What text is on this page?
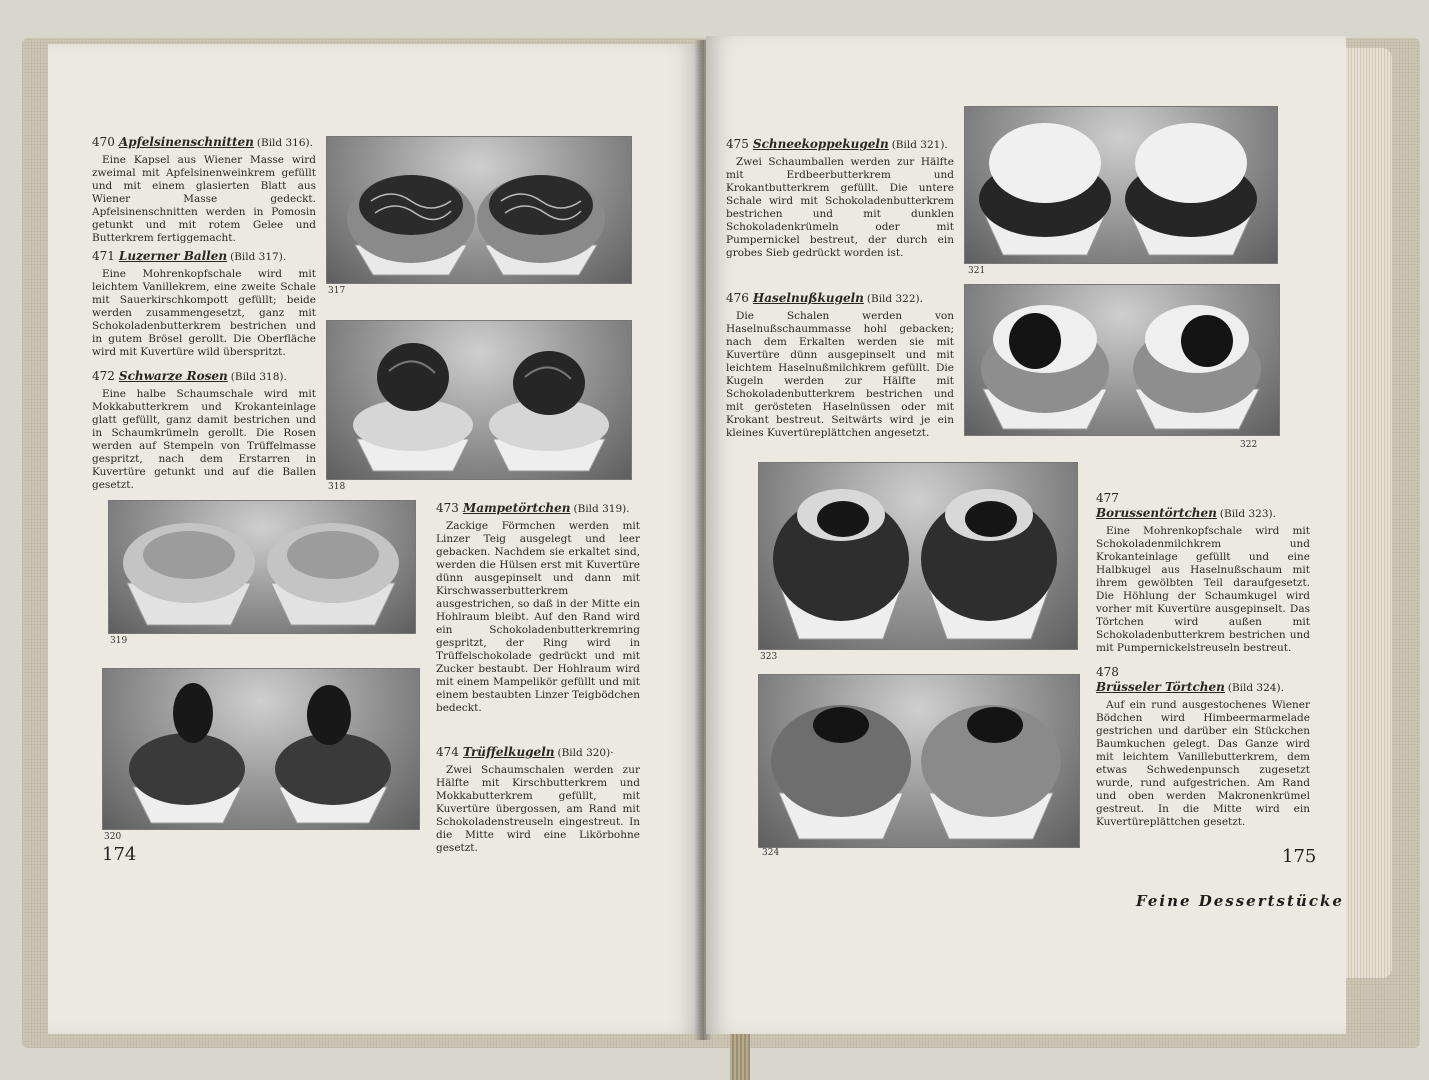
470 Apfelsinenschnitten (Bild 316).
Eine Kapsel aus Wiener Masse wird zweimal mit Apfelsinenweinkrem gefüllt und mit einem glasierten Blatt aus Wiener Masse gedeckt. Apfelsinenschnitten werden in Pomosin getunkt und mit rotem Gelee und Butterkrem fertiggemacht.
471 Luzerner Ballen (Bild 317).
Eine Mohrenkopfschale wird mit leichtem Vanillekrem, eine zweite Schale mit Sauerkirschkompott gefüllt; beide werden zusammengesetzt, ganz mit Schokoladenbutterkrem bestrichen und in gutem Brösel gerollt. Die Oberfläche wird mit Kuvertüre wild überspritzt.
472 Schwarze Rosen (Bild 318).
Eine halbe Schaumschale wird mit Mokkabutterkrem und Krokanteinlage glatt gefüllt, ganz damit bestrichen und in Schaumkrümeln gerollt. Die Rosen werden auf Stempeln von Trüffelmasse gespritzt, nach dem Erstarren in Kuvertüre getunkt und auf die Ballen gesetzt.
473 Mampetörtchen (Bild 319).
Zackige Förmchen werden mit Linzer Teig ausgelegt und leer gebacken. Nachdem sie erkaltet sind, werden die Hülsen erst mit Kuvertüre dünn ausgepinselt und dann mit Kirschwasserbutterkrem ausgestrichen, so daß in der Mitte ein Hohlraum bleibt. Auf den Rand wird ein Schokoladenbutterkremring gespritzt, der Ring wird in Trüffelschokolade gedrückt und mit Zucker bestaubt. Der Hohlraum wird mit einem Mampelikör gefüllt und mit einem bestaubten Linzer Teigbödchen bedeckt.
474 Trüffelkugeln (Bild 320)·
Zwei Schaumschalen werden zur Hälfte mit Kirschbutterkrem und Mokkabutterkrem gefüllt, mit Kuvertüre übergossen, am Rand mit Schokoladenstreuseln eingestreut. In die Mitte wird eine Likörbohne gesetzt.
317
318
319
320
174
475 Schneekoppekugeln (Bild 321).
Zwei Schaumballen werden zur Hälfte mit Erdbeerbutterkrem und Krokantbutterkrem gefüllt. Die untere Schale wird mit Schokoladenbutterkrem bestrichen und mit dunklen Schokoladenkrümeln oder mit Pumpernickel bestreut, der durch ein grobes Sieb gedrückt worden ist.
476 Haselnußkugeln (Bild 322).
Die Schalen werden von Haselnußschaummasse hohl gebacken; nach dem Erkalten werden sie mit Kuvertüre dünn ausgepinselt und mit leichtem Haselnußmilchkrem gefüllt. Die Kugeln werden zur Hälfte mit Schokoladenbutterkrem bestrichen und mit gerösteten Haselnüssen oder mit Krokant bestreut. Seitwärts wird je ein kleines Kuvertüreplättchen angesetzt.
477
Borussentörtchen (Bild 323).
Eine Mohrenkopfschale wird mit Schokoladenmilchkrem und Krokanteinlage gefüllt und eine Halbkugel aus Haselnußschaum mit ihrem gewölbten Teil daraufgesetzt. Die Höhlung der Schaumkugel wird vorher mit Kuvertüre ausgepinselt. Das Törtchen wird außen mit Schokoladenbutterkrem bestrichen und mit Pumpernickelstreuseln bestreut.
478
Brüsseler Törtchen (Bild 324).
Auf ein rund ausgestochenes Wiener Bödchen wird Himbeermarmelade gestrichen und darüber ein Stückchen Baumkuchen gelegt. Das Ganze wird mit leichtem Vanillebutterkrem, dem etwas Schwedenpunsch zugesetzt wurde, rund aufgestrichen. Am Rand und oben werden Makronenkrümel gestreut. In die Mitte wird ein Kuvertüreplättchen gesetzt.
321
322
323
324	175
Feine Dessertstücke
